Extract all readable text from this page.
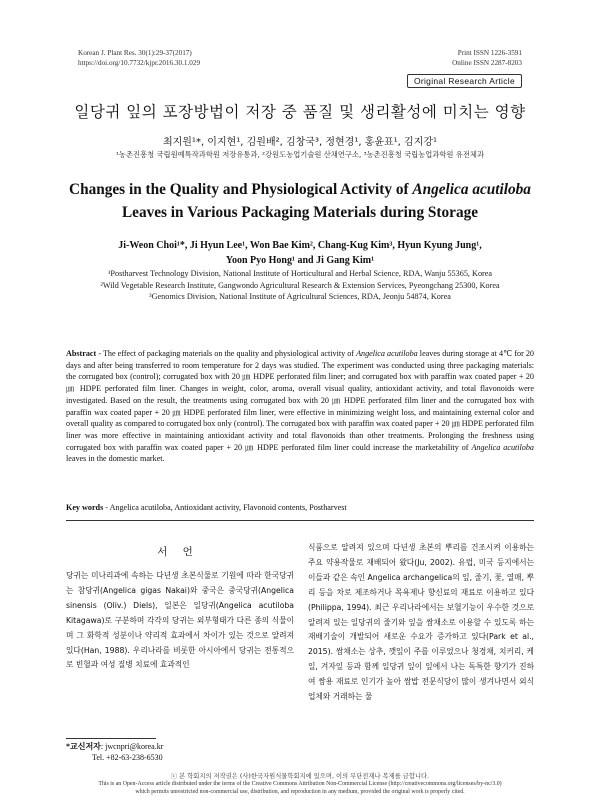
Korean J. Plant Res. 30(1):29-37(2017)
https://doi.org/10.7732/kjpr.2016.30.1.029
Print ISSN 1226-3591
Online ISSN 2287-8203
Original Research Article
일당귀 잎의 포장방법이 저장 중 품질 및 생리활성에 미치는 영향
최지원¹*, 이지현¹, 김원배², 김창국³, 정현경¹, 홍윤표¹, 김지강¹
¹농촌진흥청 국립원예특작과학원 저장유통과, ²강원도농업기술원 산채연구소, ³농촌진흥청 국립농업과학원 유전체과
Changes in the Quality and Physiological Activity of Angelica acutiloba
Leaves in Various Packaging Materials during Storage
Ji-Weon Choi¹*, Ji Hyun Lee¹, Won Bae Kim², Chang-Kug Kim³, Hyun Kyung Jung¹,
Yoon Pyo Hong¹ and Ji Gang Kim¹
¹Postharvest Technology Division, National Institute of Horticultural and Herbal Science, RDA, Wanju 55365, Korea
²Wild Vegetable Research Institute, Gangwondo Agricultural Research & Extension Services, Pyeongchang 25300, Korea
³Genomics Division, National Institute of Agricultural Sciences, RDA, Jeonju 54874, Korea
Abstract - The effect of packaging materials on the quality and physiological activity of Angelica acutiloba leaves during storage at 4℃ for 20 days and after being transferred to room temperature for 2 days was studied. The experiment was conducted using three packaging materials: the corrugated box (control); corrugated box with 20 ㎛ HDPE perforated film liner; and corrugated box with paraffin wax coated paper + 20 ㎛ HDPE perforated film liner. Changes in weight, color, aroma, overall visual quality, antioxidant activity, and total flavonoids were investigated. Based on the result, the treatments using corrugated box with 20 ㎛ HDPE perforated film liner and the corrugated box with paraffin wax coated paper + 20 ㎛ HDPE perforated film liner, were effective in minimizing weight loss, and maintaining external color and overall quality as compared to corrugated box only (control). The corrugated box with paraffin wax coated paper + 20 ㎛ HDPE perforated film liner was more effective in maintaining antioxidant activity and total flavonoids than other treatments. Prolonging the freshness using corrugated box with paraffin wax coated paper + 20 ㎛ HDPE perforated film liner could increase the marketability of Angelica acutiloba leaves in the domestic market.
Key words - Angelica acutiloba, Antioxidant activity, Flavonoid contents, Postharvest
서 언
당귀는 미나리과에 속하는 다년생 초본식물로 기원에 따라 한국당귀는 참당귀(Angelica gigas Nakai)와 중국은 중국당귀(Angelica sinensis (Oliv.) Diels), 일본은 일당귀(Angelica acutiloba Kitagawa)로 구분하며 각각의 당귀는 외부형태가 다른 종의 식물이며 그 화학적 성분이나 약리적 효과에서 차이가 있는 것으로 알려져 있다(Han, 1988). 우리나라를 비롯한 아시아에서 당귀는 전통적으로 빈혈과 여성 질병 치료에 효과적인
식품으로 알려져 있으며 다년생 초본의 뿌리를 건조시켜 이용하는 주요 약용작물로 재배되어 왔다(Ju, 2002). 유럽, 미국 등지에서는 이들과 같은 속인 Angelica archangelica의 잎, 줄기, 꽃, 열매, 뿌리 등을 차로 제조하거나 목욕제나 향신료의 재료로 이용하고 있다(Philippa, 1994). 최근 우리나라에서는 보혈기능이 우수한 것으로 알려져 있는 일당귀의 줄기와 잎을 쌈채소로 이용할 수 있도록 하는 재배기술이 개발되어 새로운 수요가 증가하고 있다(Park et al., 2015). 쌈채소는 상추, 깻잎이 주를 이루었으나 청경채, 치커리, 케일, 겨자잎 등과 함께 일당귀 잎이 잎에서 나는 독특한 향기가 진하여 쌈용 재료로 인기가 높아 쌈밥 전문식당이 많이 생겨나면서 외식업체와 거래하는 물
*교신저자: jwcnpri@korea.kr
Tel. +82-63-238-6530
ⓒ 본 학회지의 저작권은 (사)한국자원식물학회지에 있으며, 이의 무단전재나 복제를 금합니다.
This is an Open-Access article distributed under the terms of the Creative Commons Attribution Non-Commercial License (http://creativecommons.org/licenses/by-nc/3.0)
which permits unrestricted non-commercial use, distribution, and reproduction in any medium, provided the original work is properly cited.
